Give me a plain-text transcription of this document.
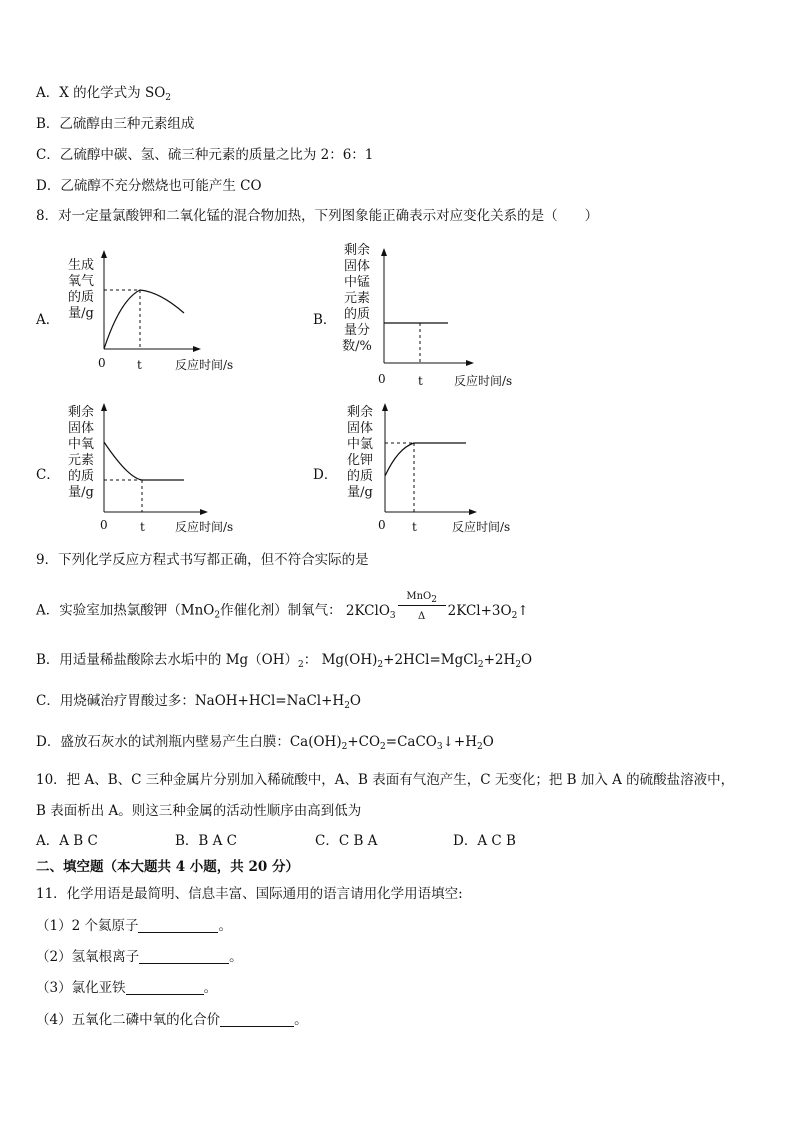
A．X 的化学式为 $SO_2$
B．乙硫醇由三种元素组成
C．乙硫醇中碳、氢、硫三种元素的质量之比为 2：6：1
D．乙硫醇不充分燃烧也可能产生 CO
8．对一定量氯酸钾和二氧化锰的混合物加热，下列图象能正确表示对应变化关系的是（　　）
A．
生成
氧气
的质
量/g
0	t	反应时间/s
B．
剩余
固体
中锰
元素
的质
量分
数/%
0	t	反应时间/s
C．
剩余
固体
中氧
元素
的质
量/g
0	t	反应时间/s
D．
剩余
固体
中氯
化钾
的质
量/g
0 t	反应时间/s
9．下列化学反应方程式书写都正确，但不符合实际的是
A．实验室加热氯酸钾（MnO$_2$作催化剂）制氧气： 2KClO$_3$ $\frac{\text{MnO2}}{\Delta}$ $2KCl+3O_2↑$
B．用适量稀盐酸除去水垢中的 $Mg(OH)_2$： $Mg(OH)_2+2HCl=MgCl_2+2H_2O$
C．用烧碱治疗胃酸过多：$NaOH+HCl=NaCl+H_2O$
D．盛放石灰水的试剂瓶内壁易产生白膜：$Ca(OH)_2+CO_2=CaCO_3↓+H_2O$
10．把 A、B、C 三种金属片分别加入稀硫酸中，A、B 表面有气泡产生，C 无变化；把 B 加入 A 的硫酸盐溶液中，
B 表面析出 A。则这三种金属的活动性顺序由高到低为
A．A B C	B．B A C	C．C B A	D．A C B
二、填空题（本大题共 4 小题，共 20 分）
11．化学用语是最简明、信息丰富、国际通用的语言请用化学用语填空:
（1）2 个氦原子	。
（2）氢氧根离子	。
（3）氯化亚铁	。
（4）五氧化二磷中氧的化合价	。
